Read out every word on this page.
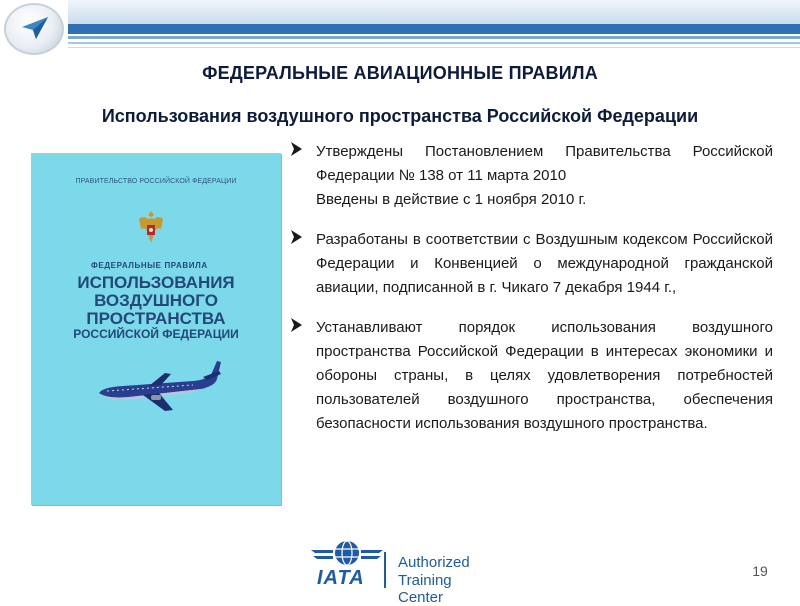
ФЕДЕРАЛЬНЫЕ АВИАЦИОННЫЕ ПРАВИЛА
Использования воздушного пространства Российской Федерации
ПРАВИТЕЛЬСТВО РОССИЙСКОЙ ФЕДЕРАЦИИ
ФЕДЕРАЛЬНЫЕ ПРАВИЛА
ИСПОЛЬЗОВАНИЯ
ВОЗДУШНОГО
ПРОСТРАНСТВА
РОССИЙСКОЙ ФЕДЕРАЦИИ

Утверждены Постановлением Правительства Российской Федерации № 138 от 11 марта 2010

Введены в действие с 1 ноября 2010 г.

Разработаны в соответствии с Воздушным кодексом Российской Федерации и Конвенцией о международной гражданской авиации, подписанной в г. Чикаго 7 декабря 1944 г.,

Устанавливают порядок использования воздушного пространства Российской Федерации в интересах экономики и обороны страны, в целях удовлетворения потребностей пользователей воздушного пространства, обеспечения безопасности использования воздушного пространства.

IATA
Authorized
Training Center
19
